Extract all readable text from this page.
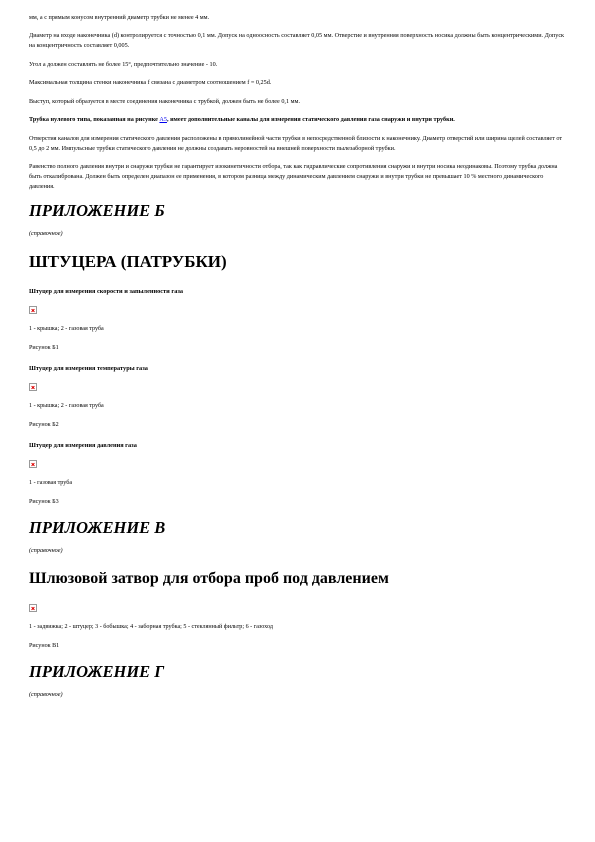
мм, а с прямым конусом внутренний диаметр трубки не менее 4 мм.

Диаметр на входе наконечника (d) контролируется с точностью 0,1 мм. Допуск на одноосность составляет 0,05 мм. Отверстие и внутренняя поверхность носика должны быть концентрическими. Допуск на концентричность составляет 0,005.

Угол a должен составлять не более 15°, предпочтительно значение - 10.

Максимальная толщина стенки наконечника f связана с диаметром соотношением f = 0,25d.

Выступ, который образуется в месте соединения наконечника с трубкой, должен быть не более 0,1 мм.

Трубка нулевого типа, показанная на рисунке А5, имеет дополнительные каналы для измерения статического давления газа снаружи и внутри трубки.

Отверстия каналов для измерения статического давления расположены в прямолинейной части трубки в непосредственной близости к наконечнику. Диаметр отверстий или ширина щелей составляет от 0,5 до 2 мм. Импульсные трубки статического давления не должны создавать неровностей на внешней поверхности пылезаборной трубки.

Равенство полного давления внутри и снаружи трубки не гарантирует изокинетичности отбора, так как гидравлические сопротивления снаружи и внутри носика неодинаковы. Поэтому трубка должна быть откалибрована. Должен быть определен диапазон ее применения, в котором разница между динамическим давлением снаружи и внутри трубки не превышает 10 % местного динамического давления.

ПРИЛОЖЕНИЕ Б
(справочное)
ШТУЦЕРА (ПАТРУБКИ)
Штуцер для измерения скорости и запыленности газа
1 - крышка; 2 - газовая труба
Рисунок Б1
Штуцер для измерения температуры газа
1 - крышка; 2 - газовая труба
Рисунок Б2
Штуцер для измерения давления газа
1 - газовая труба
Рисунок Б3
ПРИЛОЖЕНИЕ В
(справочное)
Шлюзовой затвор для отбора проб под давлением
1 - задвижка; 2 - штуцер; 3 - бобышка; 4 - заборная трубка; 5 - стеклянный фильтр; 6 - газоход
Рисунок В1
ПРИЛОЖЕНИЕ Г
(справочное)
